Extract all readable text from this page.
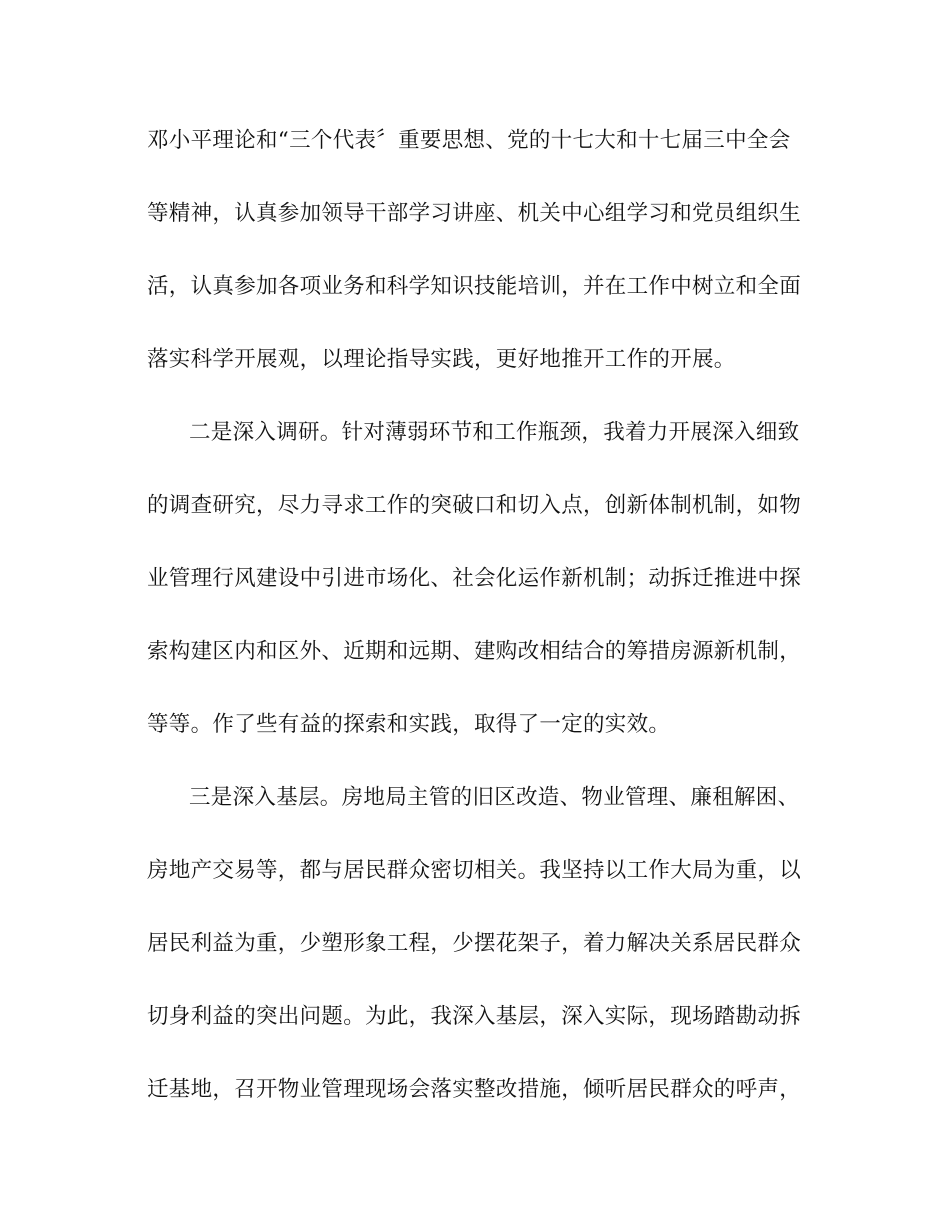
邓小平理论和“三个代表〞重要思想、党的十七大和十七届三中全会
等精神，认真参加领导干部学习讲座、机关中心组学习和党员组织生
活，认真参加各项业务和科学知识技能培训，并在工作中树立和全面
落实科学开展观，以理论指导实践，更好地推开工作的开展。
二是深入调研。针对薄弱环节和工作瓶颈，我着力开展深入细致
的调查研究，尽力寻求工作的突破口和切入点，创新体制机制，如物
业管理行风建设中引进市场化、社会化运作新机制；动拆迁推进中探
索构建区内和区外、近期和远期、建购改相结合的筹措房源新机制，
等等。作了些有益的探索和实践，取得了一定的实效。
三是深入基层。房地局主管的旧区改造、物业管理、廉租解困、
房地产交易等，都与居民群众密切相关。我坚持以工作大局为重，以
居民利益为重，少塑形象工程，少摆花架子，着力解决关系居民群众
切身利益的突出问题。为此，我深入基层，深入实际，现场踏勘动拆
迁基地，召开物业管理现场会落实整改措施，倾听居民群众的呼声，
